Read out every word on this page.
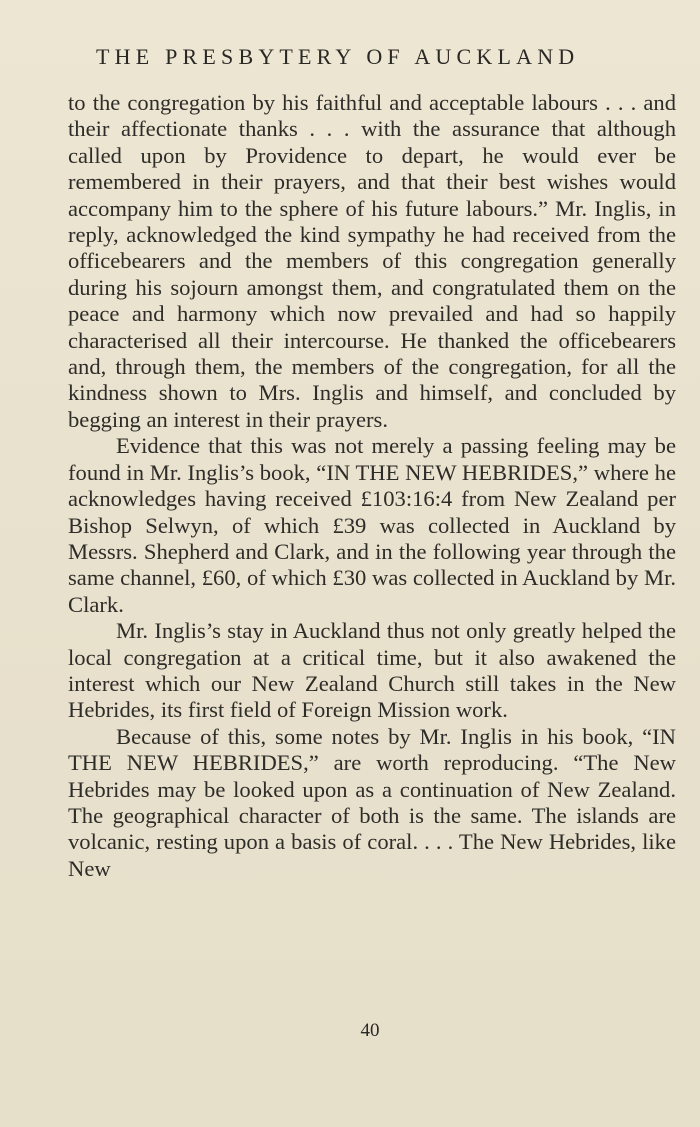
THE PRESBYTERY OF AUCKLAND

to the congregation by his faithful and acceptable labours . . . and their affectionate thanks . . . with the assurance that although called upon by Providence to depart, he would ever be remembered in their prayers, and that their best wishes would accompany him to the sphere of his future labours.” Mr. Inglis, in reply, acknowledged the kind sympathy he had received from the officebearers and the members of this congregation generally during his sojourn amongst them, and congratulated them on the peace and harmony which now prevailed and had so happily characterised all their intercourse. He thanked the officebearers and, through them, the members of the congregation, for all the kindness shown to Mrs. Inglis and himself, and concluded by begging an interest in their prayers.

Evidence that this was not merely a passing feeling may be found in Mr. Inglis’s book, “IN THE NEW HEBRIDES,” where he acknowledges having received £103:16:4 from New Zealand per Bishop Selwyn, of which £39 was collected in Auckland by Messrs. Shepherd and Clark, and in the following year through the same channel, £60, of which £30 was collected in Auckland by Mr. Clark.

Mr. Inglis’s stay in Auckland thus not only greatly helped the local congregation at a critical time, but it also awakened the interest which our New Zealand Church still takes in the New Hebrides, its first field of Foreign Mission work.

Because of this, some notes by Mr. Inglis in his book, “IN THE NEW HEBRIDES,” are worth reproducing. “The New Hebrides may be looked upon as a continuation of New Zealand. The geographical character of both is the same. The islands are volcanic, resting upon a basis of coral. . . . The New Hebrides, like New

40
